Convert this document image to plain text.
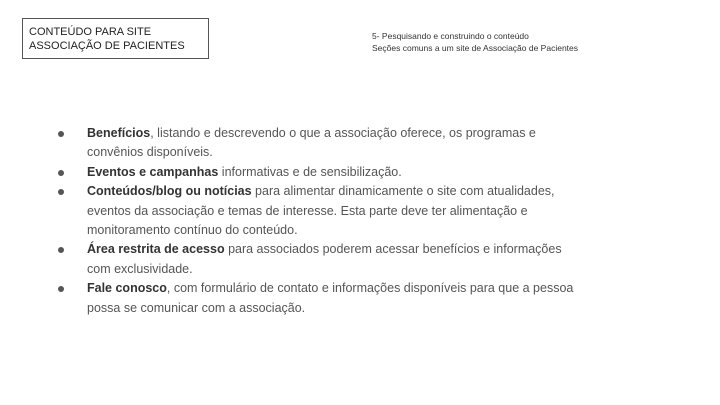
CONTEÚDO PARA SITE
ASSOCIAÇÃO DE PACIENTES
5- Pesquisando e construindo o conteúdo
Seções comuns a um site de Associação de Pacientes
Benefícios, listando e descrevendo o que a associação oferece, os programas e convênios disponíveis.
Eventos e campanhas informativas e de sensibilização.
Conteúdos/blog ou notícias para alimentar dinamicamente o site com atualidades, eventos da associação e temas de interesse. Esta parte deve ter alimentação e monitoramento contínuo do conteúdo.
Área restrita de acesso para associados poderem acessar benefícios e informações com exclusividade.
Fale conosco, com formulário de contato e informações disponíveis para que a pessoa possa se comunicar com a associação.
